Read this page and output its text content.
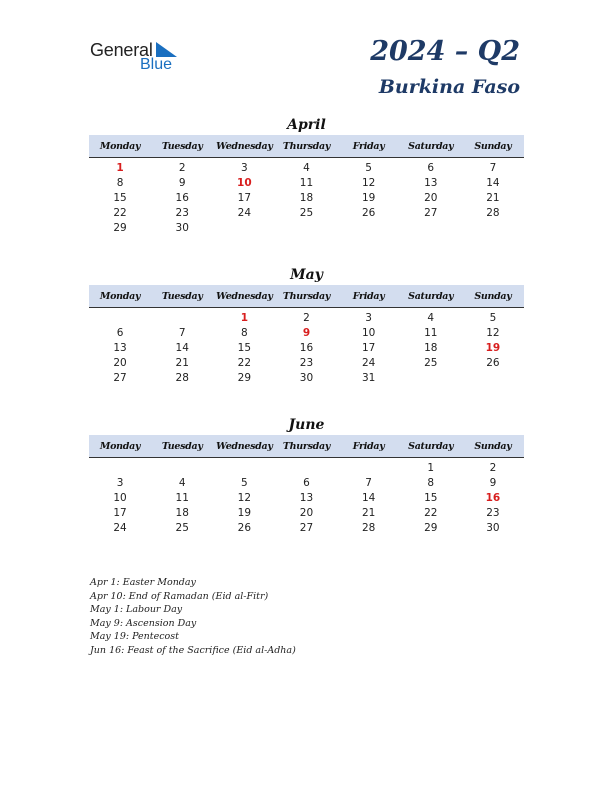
General
Blue	2024 – Q2
Burkina Faso
April
Monday	Tuesday	Wednesday	Thursday	Friday	Saturday	Sunday
1	2	3	4	5	6	7
8	9	10	11	12	13	14
15	16	17	18	19	20	21
22	23	24	25	26	27	28
29	30					
May
Monday	Tuesday	Wednesday	Thursday	Friday	Saturday	Sunday
		1	2	3	4	5
6	7	8	9	10	11	12
13	14	15	16	17	18	19
20	21	22	23	24	25	26
27	28	29	30	31		
June
Monday	Tuesday	Wednesday	Thursday	Friday	Saturday	Sunday
					1	2
3	4	5	6	7	8	9
10	11	12	13	14	15	16
17	18	19	20	21	22	23
24	25	26	27	28	29	30
Apr 1: Easter Monday
Apr 10: End of Ramadan (Eid al-Fitr)
May 1: Labour Day
May 9: Ascension Day
May 19: Pentecost
Jun 16: Feast of the Sacrifice (Eid al-Adha)
